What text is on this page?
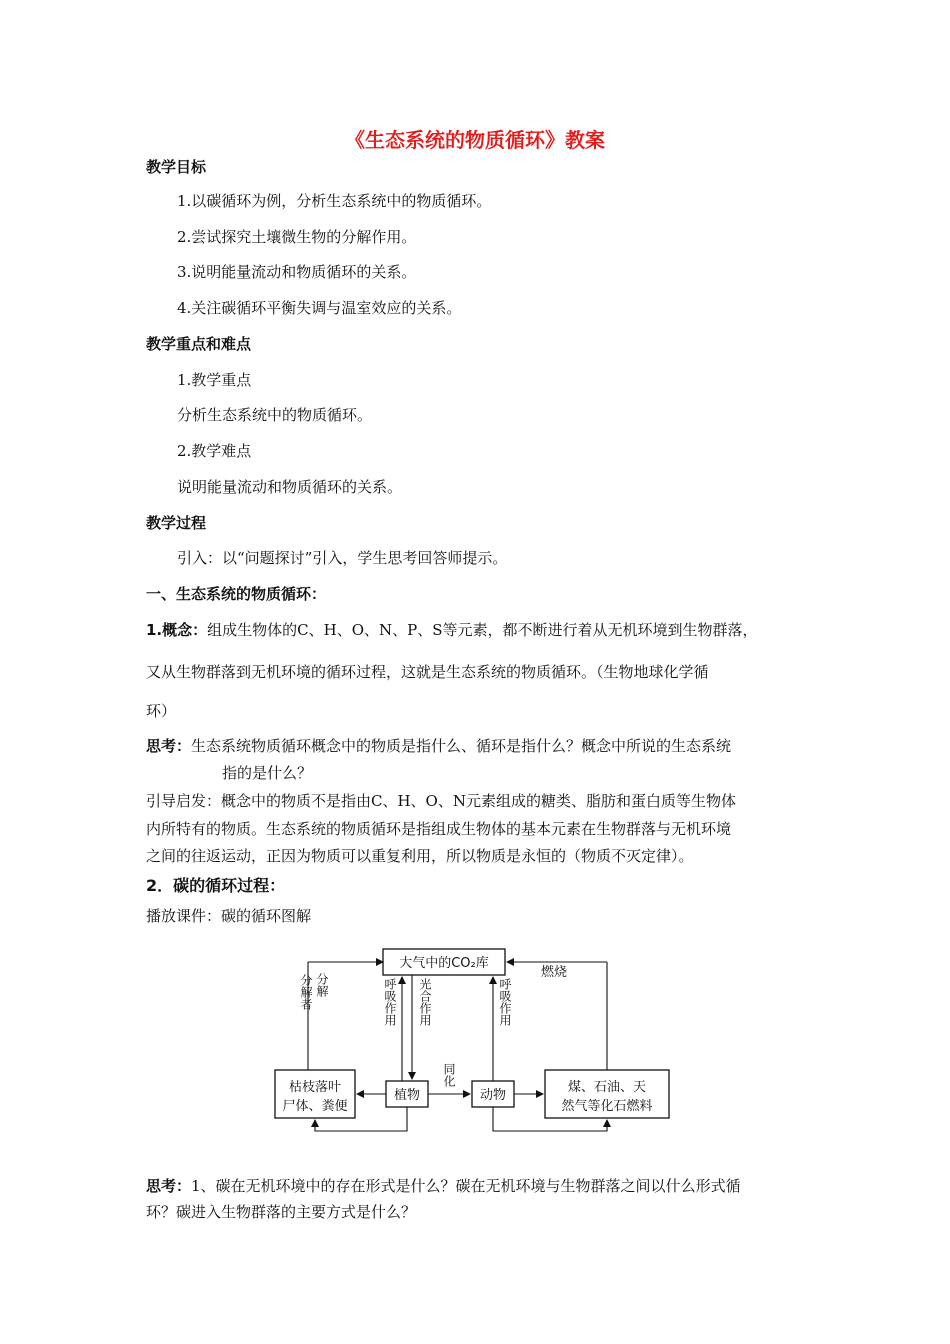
《生态系统的物质循环》教案
教学目标
1.以碳循环为例，分析生态系统中的物质循环。
2.尝试探究土壤微生物的分解作用。
3.说明能量流动和物质循环的关系。
4.关注碳循环平衡失调与温室效应的关系。
教学重点和难点
1.教学重点
分析生态系统中的物质循环。
2.教学难点
说明能量流动和物质循环的关系。
教学过程
引入：以“问题探讨”引入，学生思考回答师提示。
一、生态系统的物质循环：
1.概念：组成生物体的C、H、O、N、P、S等元素，都不断进行着从无机环境到生物群落，
又从生物群落到无机环境的循环过程，这就是生态系统的物质循环。（生物地球化学循
环）
思考：生态系统物质循环概念中的物质是指什么、循环是指什么？概念中所说的生态系统
指的是什么？
引导启发：概念中的物质不是指由C、H、O、N元素组成的糖类、脂肪和蛋白质等生物体
内所特有的物质。生态系统的物质循环是指组成生物体的基本元素在生物群落与无机环境
之间的往返运动，正因为物质可以重复利用，所以物质是永恒的（物质不灭定律）。
2．碳的循环过程：
播放课件：碳的循环图解
大气中的CO₂库
枯枝落叶
尸体、粪便
植物	动物
煤、石油、天
然气等化石燃料
分解者 分解	呼吸作用 光合作用
同化
呼吸作用
燃烧
思考：1、碳在无机环境中的存在形式是什么？碳在无机环境与生物群落之间以什么形式循
环？碳进入生物群落的主要方式是什么？
